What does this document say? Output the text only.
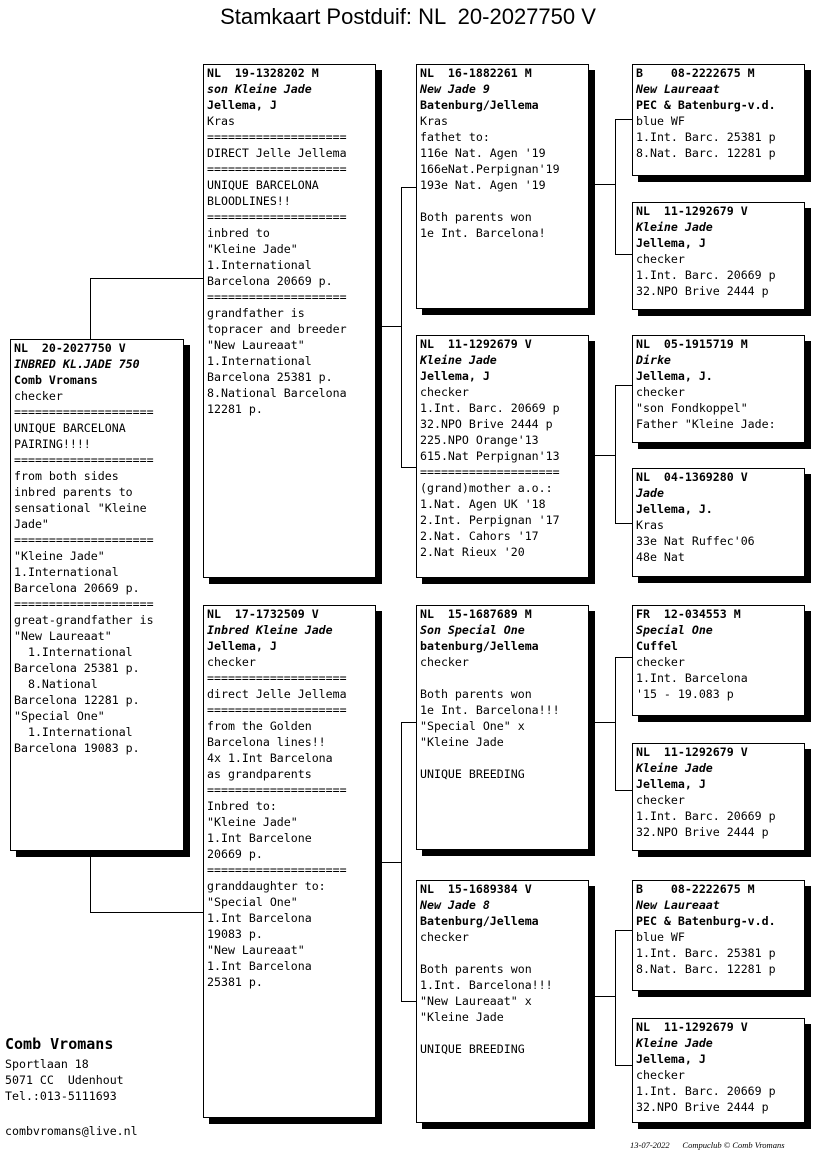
Stamkaart Postduif: NL  20-2027750 V
NL  20-2027750 V
INBRED KL.JADE 750
Comb Vromans
checker
====================
UNIQUE BARCELONA
PAIRING!!!!
====================
from both sides
inbred parents to
sensational "Kleine
Jade"
====================
"Kleine Jade"
1.International
Barcelona 20669 p.
====================
great-grandfather is
"New Laureaat"
1.International
Barcelona 25381 p.
8.National
Barcelona 12281 p.
"Special One"
1.International
Barcelona 19083 p.
NL  19-1328202 M
son Kleine Jade
Jellema, J
Kras
====================
DIRECT Jelle Jellema
====================
UNIQUE BARCELONA
BLOODLINES!!
====================
inbred to
"Kleine Jade"
1.International
Barcelona 20669 p.
====================
grandfather is
topracer and breeder
"New Laureaat"
1.International
Barcelona 25381 p.
8.National Barcelona
12281 p.
NL  17-1732509 V
Inbred Kleine Jade
Jellema, J
checker
====================
direct Jelle Jellema
====================
from the Golden
Barcelona lines!!
4x 1.Int Barcelona
as grandparents
====================
Inbred to:
"Kleine Jade"
1.Int Barcelone
20669 p.
====================
granddaughter to:
"Special One"
1.Int Barcelona
19083 p.
"New Laureaat"
1.Int Barcelona
25381 p.
NL  16-1882261 M
New Jade 9
Batenburg/Jellema
Kras
fathet to:
116e Nat. Agen '19
166eNat.Perpignan'19
193e Nat. Agen '19
Both parents won
1e Int. Barcelona!
NL  11-1292679 V
Kleine Jade
Jellema, J
checker
1.Int. Barc. 20669 p
32.NPO Brive 2444 p
225.NPO Orange'13
615.Nat Perpignan'13
====================
(grand)mother a.o.:
1.Nat. Agen UK '18
2.Int. Perpignan '17
2.Nat. Cahors '17
2.Nat Rieux '20
NL  15-1687689 M
Son Special One
batenburg/Jellema
checker
Both parents won
1e Int. Barcelona!!!
"Special One" x
"Kleine Jade
UNIQUE BREEDING
NL  15-1689384 V
New Jade 8
Batenburg/Jellema
checker
Both parents won
1.Int. Barcelona!!!
"New Laureaat" x
"Kleine Jade
UNIQUE BREEDING
B    08-2222675 M
New Laureaat
PEC & Batenburg-v.d.
blue WF
1.Int. Barc. 25381 p
8.Nat. Barc. 12281 p
NL  11-1292679 V
Kleine Jade
Jellema, J
checker
1.Int. Barc. 20669 p
32.NPO Brive 2444 p
NL  05-1915719 M
Dirke
Jellema, J.
checker
"son Fondkoppel"
Father "Kleine Jade:
NL  04-1369280 V
Jade
Jellema, J.
Kras
33e Nat Ruffec'06
48e Nat
FR  12-034553 M
Special One
Cuffel
checker
1.Int. Barcelona
'15 - 19.083 p
NL  11-1292679 V
Kleine Jade
Jellema, J
checker
1.Int. Barc. 20669 p
32.NPO Brive 2444 p
B    08-2222675 M
New Laureaat
PEC & Batenburg-v.d.
blue WF
1.Int. Barc. 25381 p
8.Nat. Barc. 12281 p
NL  11-1292679 V
Kleine Jade
Jellema, J
checker
1.Int. Barc. 20669 p
32.NPO Brive 2444 p
Comb Vromans
Sportlaan 18
5071 CC  Udenhout
Tel.:013-5111693
combvromans@live.nl
13-07-2022 Compuclub © Comb Vromans
